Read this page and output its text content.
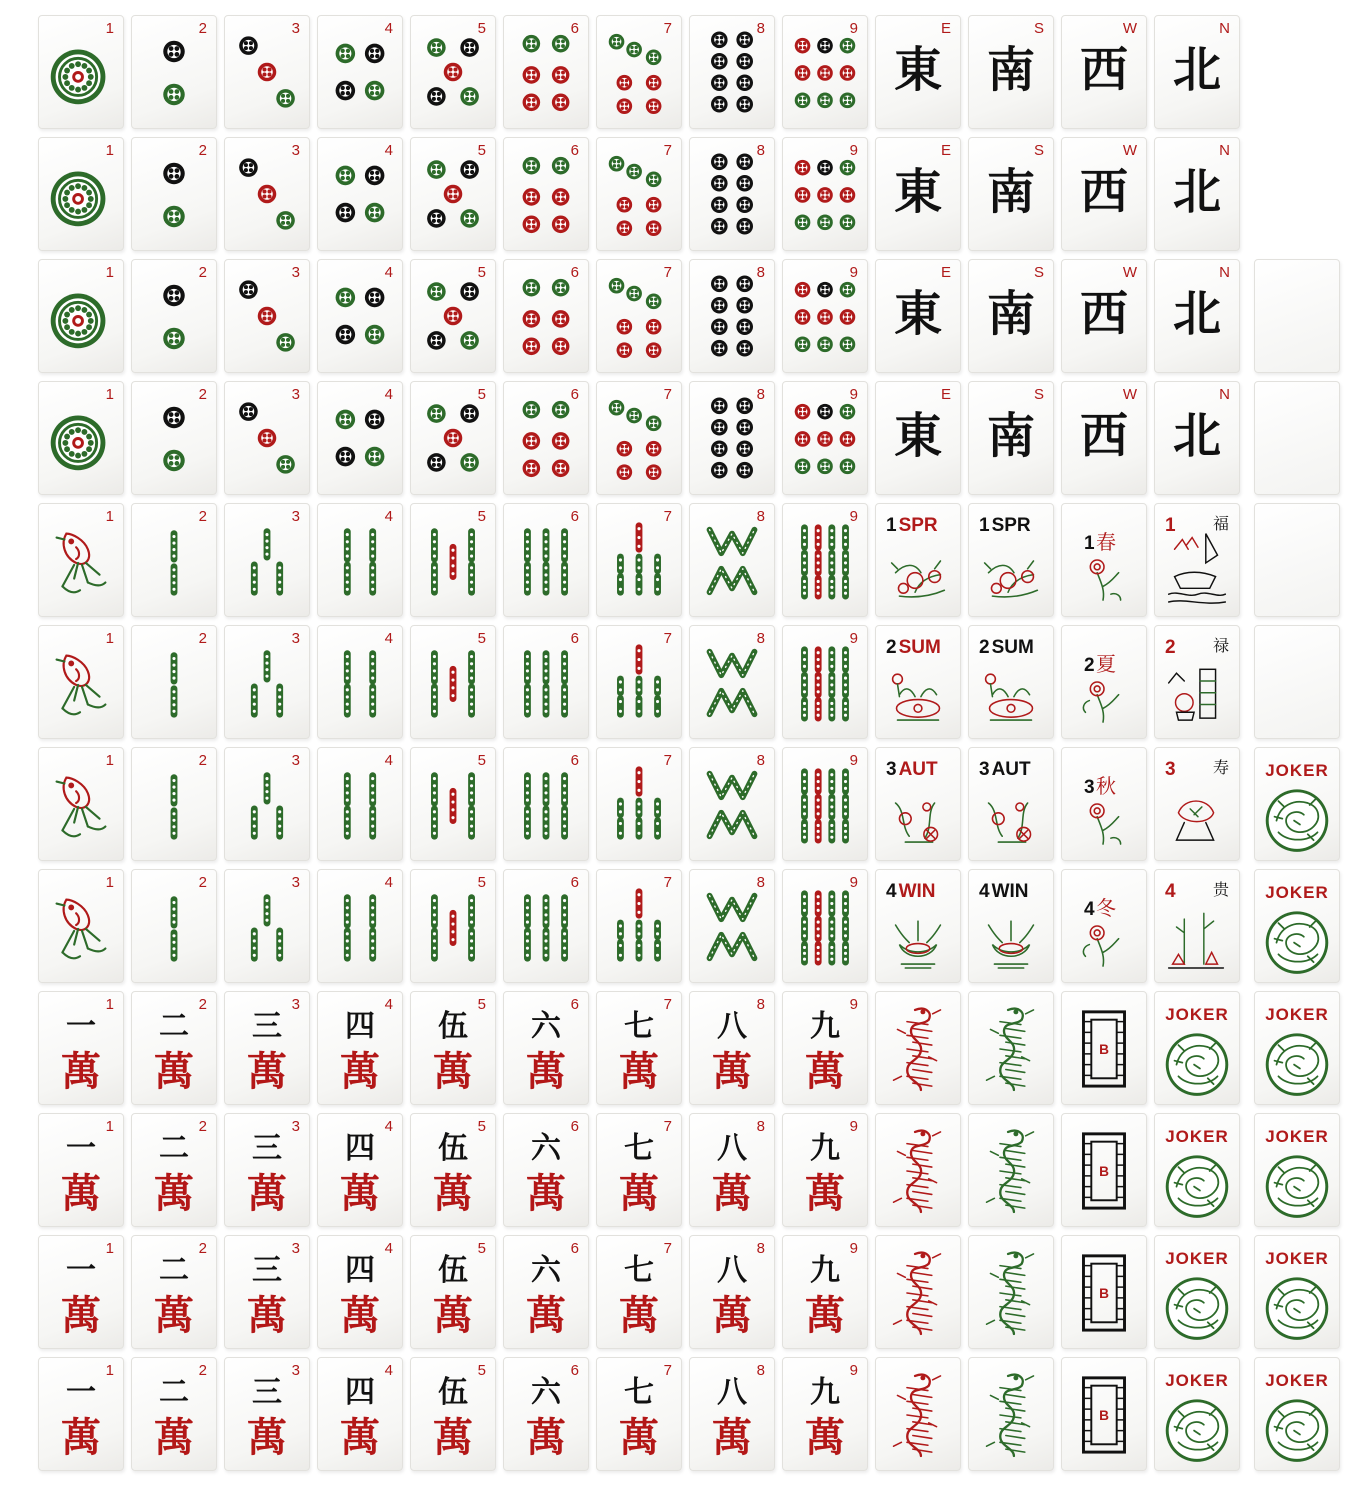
1	2	3	4	5	6	7	8	9
東
E
南
S
西
W
北
N
1	2	3	4	5	6	7	8	9
東
E
南
S
西
W
北
N
1	2	3	4	5	6	7	8	9
東
E
南
S
西
W
北
N
1	2	3	4	5	6	7	8	9
東
E
南
S
西
W
北
N
1	2	3	4	5	6	7	8	9 1 SPR 1 SPR
1 春
1 福
1	2	3	4	5	6	7	8	9 2 SUM 2 SUM
2 夏
2 禄
1	2	3	4	5	6	7	8	9 3 AUT 3 AUT
3 秋
3 寿
1	2	3	4	5	6	7	8	9 4 WIN 4 WIN
4 冬
4 贵
JOKER
JOKER
一
萬
1
二
萬
2
三
萬
3
四
萬
4
伍
萬
5
六
萬
6
七
萬
7
八
萬
8
九
萬
9
B
JOKER	JOKER
一
萬
1
二
萬
2
三
萬
3
四
萬
4
伍
萬
5
六
萬
6
七
萬
7
八
萬
8
九
萬
9
B
JOKER	JOKER
一
萬
1
二
萬
2
三
萬
3
四
萬
4
伍
萬
5
六
萬
6
七
萬
7
八
萬
8
九
萬
9
B
JOKER	JOKER
一
萬
1
二
萬
2
三
萬
3
四
萬
4
伍
萬
5
六
萬
6
七
萬
7
八
萬
8
九
萬
9
B
JOKER	JOKER
